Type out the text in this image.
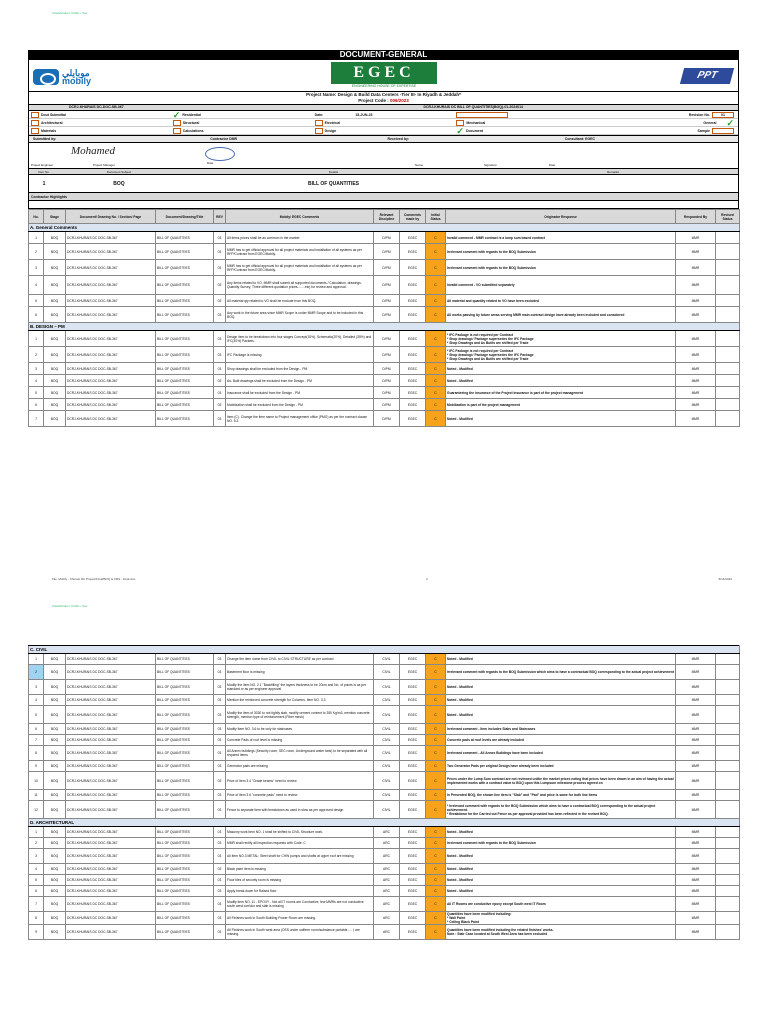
Classification: Public / Use
DOCUMENT-GENERAL
موبايلي
mobily	EGEC
ENGINEERING HOUSE OF EXPERTISE
PPT
Project Name: Design & Build Data Centers -Tier III- In Riyadh & Jeddah*
Project Code : 006/2023
DCRJ-KHURAIS DC-DOC-SB-367	DCRJ-KHURAIS DC BILL OF QUANTITIES(BOQ)-01-2024014
Dout Submittal	✓ Residential	Date:	15-JUN-23	Revision No.	01
Architectural	Structural	Electrical	Mechanical	General ✓
Materials	Calculations	Design	✓ Document	Sample
Submitted by:	Contractor DMR	Received by:	Consultant: EGEC
Mohamed
Date
Project Engineer	Project Manager	Name	Signature	Date
Item No.	Document Subject	Details	Remarks
1	BOQ	BILL OF QUANTITIES
Contractor Highlights
No.	Stage	Document/ Drawing No. / Section/ Page	Document/Drawing/Title	REV	Mobily/ EGEC Comments	Relevant Discipline	Comments made by	Initial Status	Originator Response	Responded By	Revised Status
A. General Comments											
1	BOQ	DCRJ-KHURAIS DC DOC-SB-367	BILL OF QUANTITIES	03	All items prices shall be as common in the market	D/PM	EGEC	C	Invalid comment - MMR contract is a lump sum based contract	MMR	
2	BOQ	DCRJ-KHURAIS DC DOC-SB-367	BILL OF QUANTITIES	03	MMR has to get official approval for all project materials and installation of all systems as per RFP/Contract from EGEC/Mobily.	D/PM	EGEC	C	Irrelevant comment with regards to the BOQ Submission	MMR	
3	BOQ	DCRJ-KHURAIS DC DOC-SB-367	BILL OF QUANTITIES	03	MMR has to get official approval for all project materials and installation of all systems as per RFP/Contract from EGEC/Mobily.	D/PM	EGEC	C	Irrelevant comment with regards to the BOQ Submission	MMR	
4	BOQ	DCRJ-KHURAIS DC DOC-SB-367	BILL OF QUANTITIES	03	Any items related to VO, MMR shall submit all supported documents / Calculation, drawings, Quantity Survey, Three different quotation prices........etc) for review and approval.	D/PM	EGEC	C	Invalid comment - VO submitted separately	MMR	
5	BOQ	DCRJ-KHURAIS DC DOC-SB-367	BILL OF QUANTITIES	03	All material qty related to VO shall be exclude from this BOQ.	D/PM	EGEC	C	All material and quantity related to VO have been excluded	MMR	
6	BOQ	DCRJ-KHURAIS DC DOC-SB-367	BILL OF QUANTITIES	03	Any work in the future area since MMR Scope is under MMR Scope and to be included in this BOQ.	D/PM	EGEC	C	All works passing by future areas serving MMR main contract design have already been included and considered	MMR	
B. DESIGN – PM											
1	BOQ	DCRJ-KHURAIS DC DOC-SB-367	BILL OF QUANTITIES	03	Design item to be breakdown into four stages Concept(15%), Schematic(20%), Detailed (35%) and IFC(30%) Packets.	D/PM	EGEC	C	* IFC Package is not required per Contract
* Shop drawings' Package supersedes the IFC Package
* Shop Drawings and As Builts are shifted per Trade	MMR	
2	BOQ	DCRJ-KHURAIS DC DOC-SB-367	BILL OF QUANTITIES	03	IFC Package is missing.	D/PM	EGEC	C	* IFC Package is not required per Contract
* Shop drawings' Package supersedes the IFC Package
* Shop Drawings and As Builts are shifted per Trade	MMR	
3	BOQ	DCRJ-KHURAIS DC DOC-SB-367	BILL OF QUANTITIES	03	Shop drawings shall be excluded from the Design - PM	D/PM	EGEC	C	Noted - Modified	MMR	
4	BOQ	DCRJ-KHURAIS DC DOC-SB-367	BILL OF QUANTITIES	03	As- Built drawings shall be excluded from the Design - PM	D/PM	EGEC	C	Noted - Modified	MMR	
5	BOQ	DCRJ-KHURAIS DC DOC-SB-367	BILL OF QUANTITIES	03	Insurance shall be excluded from the Design - PM	D/PM	EGEC	C	Guaranteeing the insurance of the Project Insurance is part of the project management	MMR	
6	BOQ	DCRJ-KHURAIS DC DOC-SB-367	BILL OF QUANTITIES	03	Mobilization shall be excluded from the Design - PM	D/PM	EGEC	C	Mobilization is part of the project management	MMR	
7	BOQ	DCRJ-KHURAIS DC DOC-SB-367	BILL OF QUANTITIES	03	Item (C). Change the item name to Project management office (PMO) as per the contract clause NO. 5.3	D/PM	EGEC	C	Noted - Modified	MMR	
File: Mobily - Khurais DC Project/Final/BOQ & CRS - Final.xlsx	2	6/14/2023
Classification: Public / Use
C. CIVIL											
1	BOQ	DCRJ-KHURAIS DC DOC-SB-367	BILL OF QUANTITIES	03	Change the item name from CIVIL to CIVIL STRUCTURE as per contract	CIVIL	EGEC	C	Noted - Modified	MMR	
2	BOQ	DCRJ-KHURAIS DC DOC-SB-367	BILL OF QUANTITIES	03	Basement floor is missing	CIVIL	EGEC	C	Irrelevant comment with regards to the BOQ Submission which aims to have a contractual BOQ corresponding to the actual project achievement	MMR	
3	BOQ	DCRJ-KHURAIS DC DOC-SB-367	BILL OF QUANTITIES	03	Modify the item NO. 2.1 "Backfilling" the layers thickness to be 20cm and No. of points is as per standard or as per engineer approval	CIVIL	EGEC	C	Noted - Modified	MMR	
4	BOQ	DCRJ-KHURAIS DC DOC-SB-367	BILL OF QUANTITIES	03	Mention the reinforced concrete strength for Columns. Item NO. 3.3	CIVIL	EGEC	C	Noted - Modified	MMR	
5	BOQ	DCRJ-KHURAIS DC DOC-SB-367	BILL OF QUANTITIES	03	Modify the item of 3030 to not tightly slab, modify cement content to 350 Kg/m3, mention concrete strength, mention type of reinforcement (Fiber mesh)	CIVIL	EGEC	C	Noted - Modified	MMR	
6	BOQ	DCRJ-KHURAIS DC DOC-SB-367	BILL OF QUANTITIES	03	Modify Item NO. 3.6 to be only for staircases	CIVIL	EGEC	C	Irrelevant comment - Item includes Slabs and Staircases	MMR	
7	BOQ	DCRJ-KHURAIS DC DOC-SB-367	BILL OF QUANTITIES	03	Concrete Pads of roof level is missing	CIVIL	EGEC	C	Concrete pads at roof levels are already included	MMR	
8	BOQ	DCRJ-KHURAIS DC DOC-SB-367	BILL OF QUANTITIES	03	All Annex buildings (Security room, SEC room, Underground water tank) to be separated with all required items	CIVIL	EGEC	C	Irrelevant comment - All Annex Buildings have been included	MMR	
9	BOQ	DCRJ-KHURAIS DC DOC-SB-367	BILL OF QUANTITIES	03	Generator pads are missing	CIVIL	EGEC	C	Two Generator Pads per original Design have already been included	MMR	
10	BOQ	DCRJ-KHURAIS DC DOC-SB-367	BILL OF QUANTITIES	03	Price of Item 3.4 "Grade beams" need to review	CIVIL	EGEC	C	Prices under the Lump Sum contract are not reviewed unlike the market prices noting that prices have been drawn in an aim of having the actual implemented works with a contract value to BOQ upon this Lumpsum milestone process agreed on	MMR	
11	BOQ	DCRJ-KHURAIS DC DOC-SB-367	BILL OF QUANTITIES	03	Price of Item 3.6 "concrete pads" need to review	CIVIL	EGEC	C	In Presented BOQ, the shown line item is "Slab" and "Pad" and price is same for both line items	MMR	
12	BOQ	DCRJ-KHURAIS DC DOC-SB-367	BILL OF QUANTITIES	03	Fence to separate item with breakdown as used in slow as per approved design	CIVIL	EGEC	C	* Irrelevant comment with regards to the BOQ Submission which aims to have a contractual BOQ corresponding to the actual project achievement.
* Breakdown for the Carried out Fence as per approval provided has been reflected in the revised BOQ.	MMR	
D. ARCHITECTURAL											
1	BOQ	DCRJ-KHURAIS DC DOC-SB-367	BILL OF QUANTITIES	03	Masonry work Item NO. 1 shall be shifted to CIVIL Structure work.	ARC	EGEC	C	Noted - Modified	MMR	
2	BOQ	DCRJ-KHURAIS DC DOC-SB-367	BILL OF QUANTITIES	03	MMR shall rectify all Inspection requests with Code: C	ARC	EGEC	C	Irrelevant comment with regards to the BOQ Submission	MMR	
3	BOQ	DCRJ-KHURAIS DC DOC-SB-367	BILL OF QUANTITIES	03	All Item NO.3 METAL: Steel shaft for CHW pumps and shafts at upper roof are missing	ARC	EGEC	C	Noted - Modified	MMR	
4	BOQ	DCRJ-KHURAIS DC DOC-SB-367	BILL OF QUANTITIES	03	Black paint Item is missing	ARC	EGEC	C	Noted - Modified	MMR	
5	BOQ	DCRJ-KHURAIS DC DOC-SB-367	BILL OF QUANTITIES	03	Floor tiles of security room is missing	ARC	EGEC	C	Noted - Modified	MMR	
6	BOQ	DCRJ-KHURAIS DC DOC-SB-367	BILL OF QUANTITIES	03	Apply break down for Raised floor	ARC	EGEC	C	Noted - Modified	MMR	
7	BOQ	DCRJ-KHURAIS DC DOC-SB-367	BILL OF QUANTITIES	03	Modify item NO. 11 - EPOXY - Not all IT rooms are Conductive, few MMRs are not conductive south west corridor and slab is missing	ARC	EGEC	C	All IT Rooms are conductive epoxy except South west IT Room	MMR	
8	BOQ	DCRJ-KHURAIS DC DOC-SB-367	BILL OF QUANTITIES	03	All Finishes work in South Building Power Room are missing.	ARC	EGEC	C	Quantities have been modified including:
* Wall Paint
* Ceiling Black Paint	MMR	
9	BOQ	DCRJ-KHURAIS DC DOC-SB-367	BILL OF QUANTITIES	03	All Finishes work in South west area (OSS under sufferer room/substance portable..... ) are missing.	ARC	EGEC	C	Quantities have been modified including the related finishes' works.
Note : Stair Case located at South West Area has been excluded	MMR	
